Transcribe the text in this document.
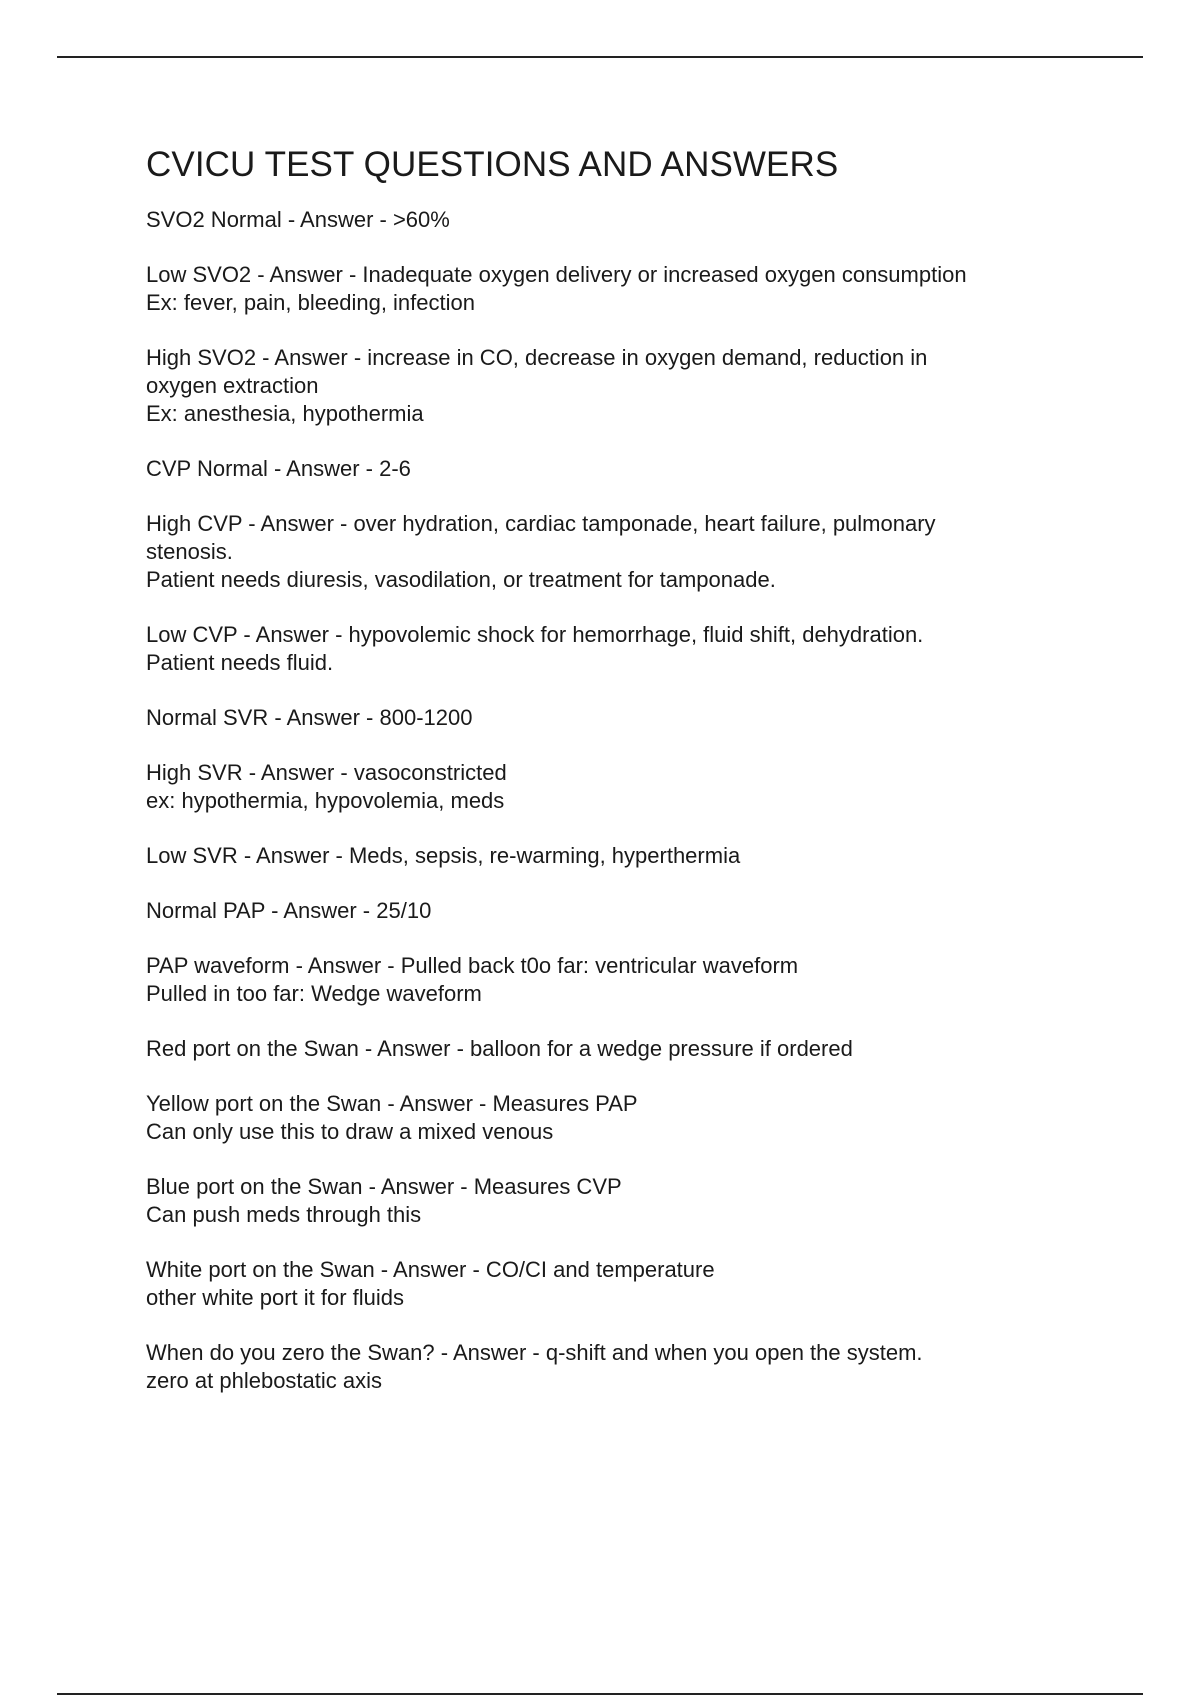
CVICU TEST QUESTIONS AND ANSWERS
SVO2 Normal - Answer - >60%
Low SVO2 - Answer - Inadequate oxygen delivery or increased oxygen consumption
Ex: fever, pain, bleeding, infection
High SVO2 - Answer - increase in CO, decrease in oxygen demand, reduction in
oxygen extraction
Ex: anesthesia, hypothermia
CVP Normal - Answer - 2-6
High CVP - Answer - over hydration, cardiac tamponade, heart failure, pulmonary
stenosis.
Patient needs diuresis, vasodilation, or treatment for tamponade.
Low CVP - Answer - hypovolemic shock for hemorrhage, fluid shift, dehydration.
Patient needs fluid.
Normal SVR - Answer - 800-1200
High SVR - Answer - vasoconstricted
ex: hypothermia, hypovolemia, meds
Low SVR - Answer - Meds, sepsis, re-warming, hyperthermia
Normal PAP - Answer - 25/10
PAP waveform - Answer - Pulled back t0o far: ventricular waveform
Pulled in too far: Wedge waveform
Red port on the Swan - Answer - balloon for a wedge pressure if ordered
Yellow port on the Swan - Answer - Measures PAP
Can only use this to draw a mixed venous
Blue port on the Swan - Answer - Measures CVP
Can push meds through this
White port on the Swan - Answer - CO/CI and temperature
other white port it for fluids
When do you zero the Swan? - Answer - q-shift and when you open the system.
zero at phlebostatic axis
